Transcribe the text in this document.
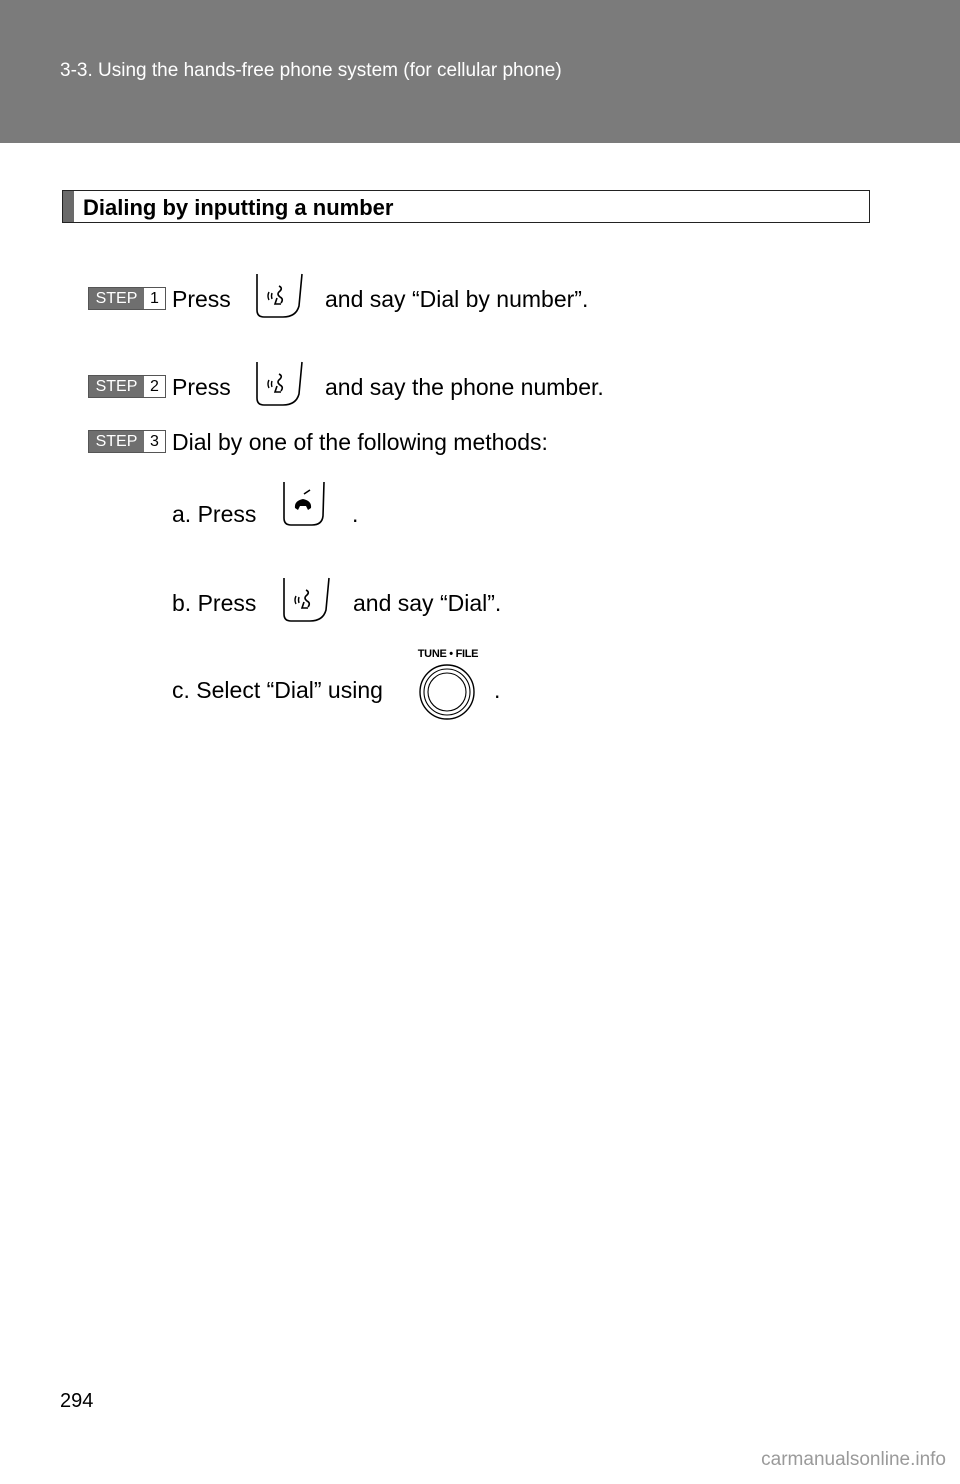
3-3. Using the hands-free phone system (for cellular phone)
Dialing by inputting a number
STEP 1 Press	and say “Dial by number”.
STEP 2 Press	and say the phone number.
STEP 3 Dial by one of the following methods:
a. Press	.
b. Press	and say “Dial”.
c. Select “Dial” using
TUNE • FILE
.
294
carmanualsonline.info
